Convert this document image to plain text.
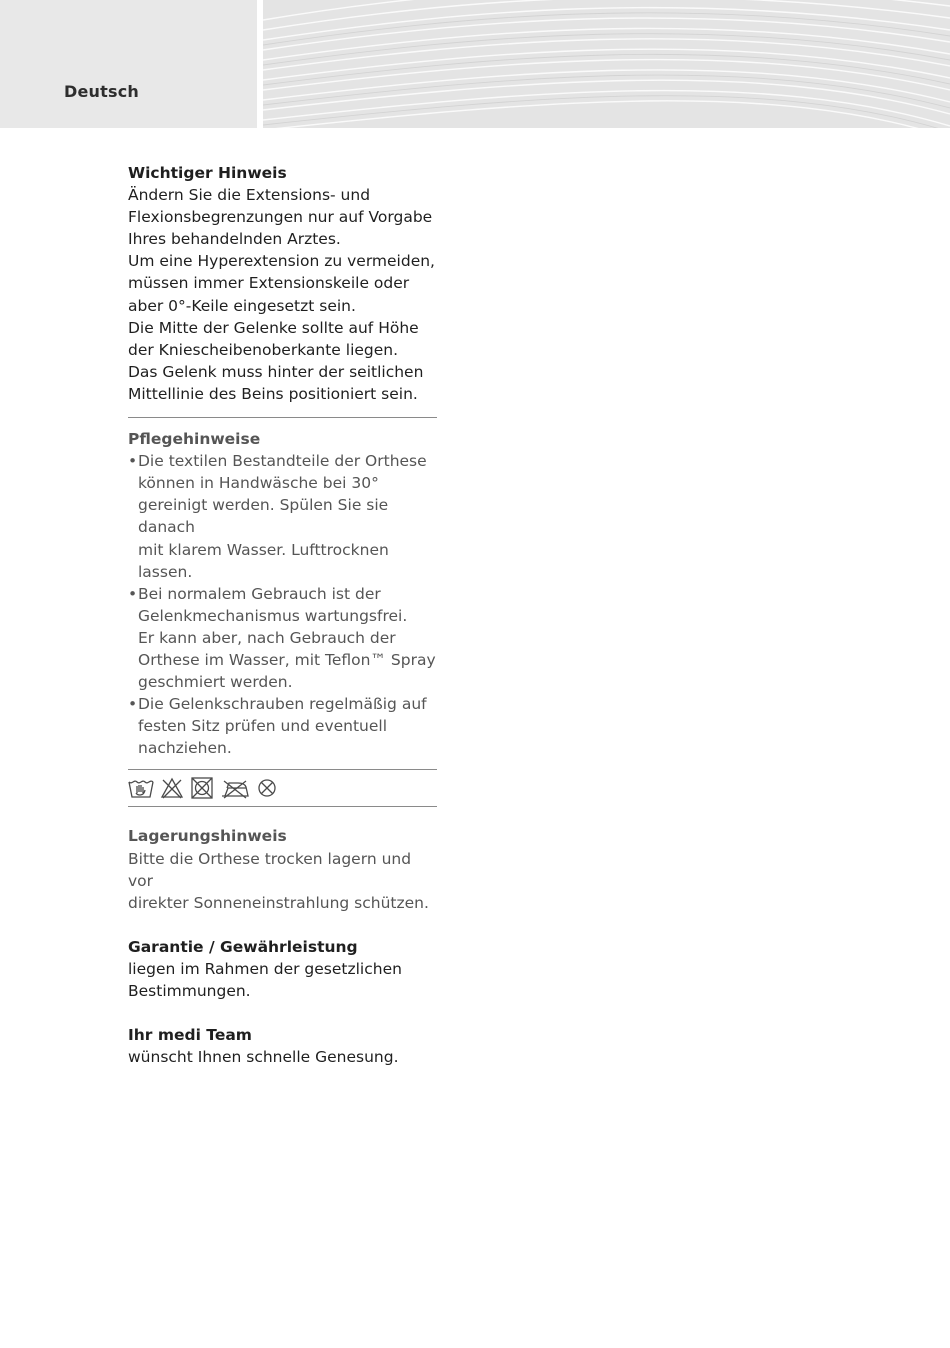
Deutsch

Wichtiger Hinweis

Ändern Sie die Extensions- und
Flexionsbegrenzungen nur auf Vorgabe
Ihres behandelnden Arztes.
Um eine Hyperextension zu vermeiden,
müssen immer Extensionskeile oder
aber 0°-Keile eingesetzt sein.
Die Mitte der Gelenke sollte auf Höhe
der Kniescheibenoberkante liegen.
Das Gelenk muss hinter der seitlichen
Mittellinie des Beins positioniert sein.

Pflegehinweise

• Die textilen Bestandteile der Orthese
können in Handwäsche bei 30°
gereinigt werden. Spülen Sie sie danach
mit klarem Wasser. Lufttrocknen
lassen.
• Bei normalem Gebrauch ist der
Gelenkmechanismus wartungsfrei.
Er kann aber, nach Gebrauch der
Orthese im Wasser, mit Teflon™ Spray
geschmiert werden.
• Die Gelenkschrauben regelmäßig auf
festen Sitz prüfen und eventuell
nachziehen.

Lagerungshinweis

Bitte die Orthese trocken lagern und vor
direkter Sonneneinstrahlung schützen.

Garantie / Gewährleistung

liegen im Rahmen der gesetzlichen
Bestimmungen.

Ihr medi Team

wünscht Ihnen schnelle Genesung.
